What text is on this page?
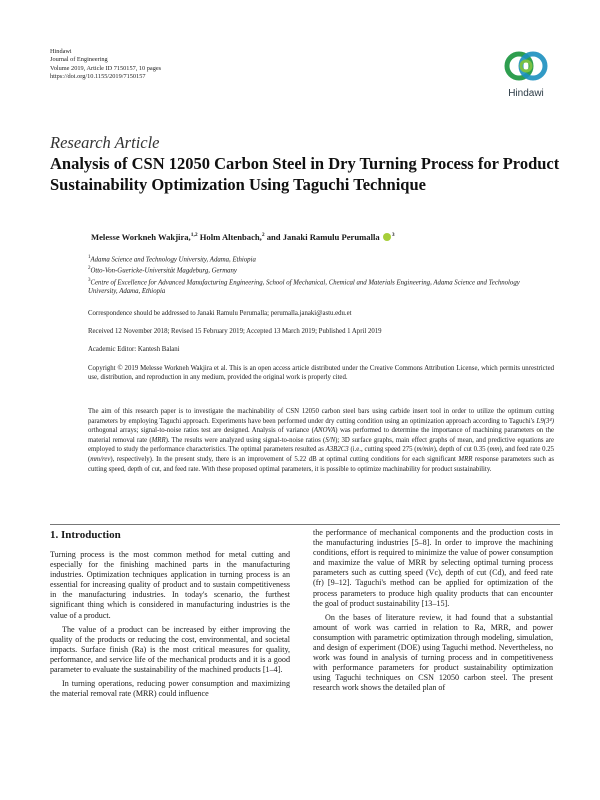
Hindawi
Journal of Engineering
Volume 2019, Article ID 7150157, 10 pages
https://doi.org/10.1155/2019/7150157
Hindawi
Research Article
Analysis of CSN 12050 Carbon Steel in Dry Turning Process for Product Sustainability Optimization Using Taguchi Technique
Melesse Workneh Wakjira,$^{1,2}$ Holm Altenbach,$^2$ and Janaki Ramulu Perumalla $^3$
$^1$Adama Science and Technology University, Adama, Ethiopia
$^2$Otto-Von-Guericke-Universität Magdeburg, Germany
$^3$Centre of Excellence for Advanced Manufacturing Engineering, School of Mechanical, Chemical and Materials Engineering, Adama Science and Technology University, Adama, Ethiopia
Correspondence should be addressed to Janaki Ramulu Perumalla; perumalla.janaki@astu.edu.et
Received 12 November 2018; Revised 15 February 2019; Accepted 13 March 2019; Published 1 April 2019
Academic Editor: Kantesh Balani
Copyright © 2019 Melesse Workneh Wakjira et al. This is an open access article distributed under the Creative Commons Attribution License, which permits unrestricted use, distribution, and reproduction in any medium, provided the original work is properly cited.
The aim of this research paper is to investigate the machinability of CSN 12050 carbon steel bars using carbide insert tool in order to utilize the optimum cutting parameters by employing Taguchi approach. Experiments have been performed under dry cutting condition using an optimization approach according to Taguchi's L9(3⁴) orthogonal arrays; signal-to-noise ratios test are designed. Analysis of variance (ANOVA) was performed to determine the importance of machining parameters on the material removal rate (MRR). The results were analyzed using signal-to-noise ratios (S/N); 3D surface graphs, main effect graphs of mean, and predictive equations are employed to study the performance characteristics. The optimal parameters resulted as A3B2C3 (i.e., cutting speed 275 (m/min), depth of cut 0.35 (mm), and feed rate 0.25 (mm/rev), respectively). In the present study, there is an improvement of 5.22 dB at optimal cutting conditions for each significant MRR response parameters such as cutting speed, depth of cut, and feed rate. With these proposed optimal parameters, it is possible to optimize machinability for product sustainability.
1. Introduction

Turning process is the most common method for metal cutting and especially for the finishing machined parts in the manufacturing industries. Optimization techniques application in turning process is an essential for increasing quality of product and to sustain competitiveness in the manufacturing industries. In today's scenario, the furthest significant thing which is considered in manufacturing industries is the value of a product.

The value of a product can be increased by either improving the quality of the products or reducing the cost, environmental, and societal impacts. Surface finish (Ra) is the most critical measures for quality, performance, and service life of the mechanical products and it is a good parameter to evaluate the sustainability of the machined products [1–4].

In turning operations, reducing power consumption and maximizing the material removal rate (MRR) could influence

the performance of mechanical components and the production costs in the manufacturing industries [5–8]. In order to improve the machining conditions, effort is required to minimize the value of power consumption and maximize the value of MRR by selecting optimal turning process parameters such as cutting speed (Vc), depth of cut (Cd), and feed rate (fr) [9–12]. Taguchi's method can be applied for optimization of the process parameters to produce high quality products that can encounter the goal of product sustainability [13–15].

On the bases of literature review, it had found that a substantial amount of work was carried in relation to Ra, MRR, and power consumption with parametric optimization through modeling, simulation, and design of experiment (DOE) using Taguchi method. Nevertheless, no work was found in analysis of turning process and in competitiveness with performance parameters for product sustainability optimization using Taguchi techniques on CSN 12050 carbon steel. The present research work shows the detailed plan of
